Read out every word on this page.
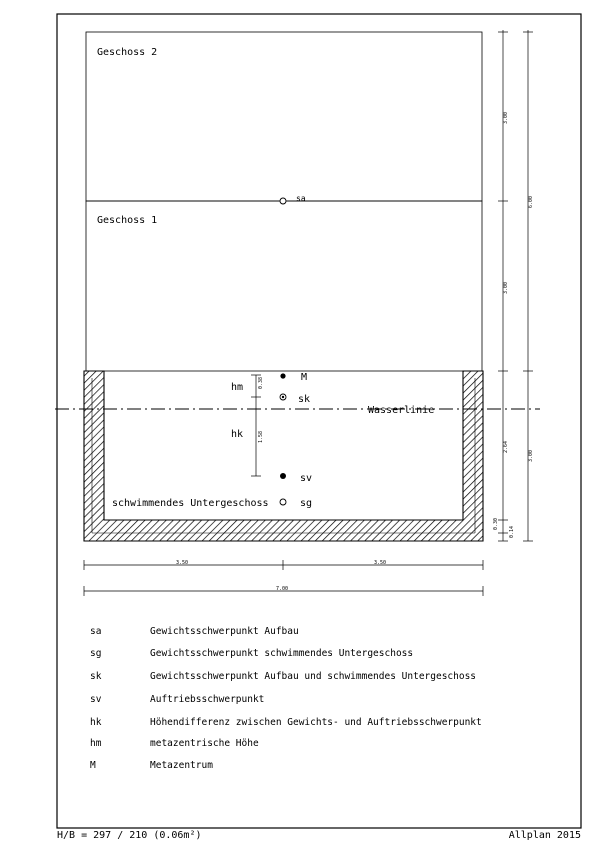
Geschoss 2
Geschoss 1
Wasserlinie
sa
M
sk
sv
sg
schwimmendes Untergeschoss
0.38
hm
1.58
hk
3.00
3.00
2.64
0.30
0.14
6.00
3.00
3.50	3.50
7.00
sa	Gewichtsschwerpunkt Aufbau
sg	Gewichtsschwerpunkt schwimmendes Untergeschoss
sk	Gewichtsschwerpunkt Aufbau und schwimmendes Untergeschoss
sv	Auftriebsschwerpunkt
hk	Höhendifferenz zwischen Gewichts- und Auftriebsschwerpunkt
hm	metazentrische Höhe
M	Metazentrum
H/B = 297 / 210 (0.06m²)	Allplan 2015
